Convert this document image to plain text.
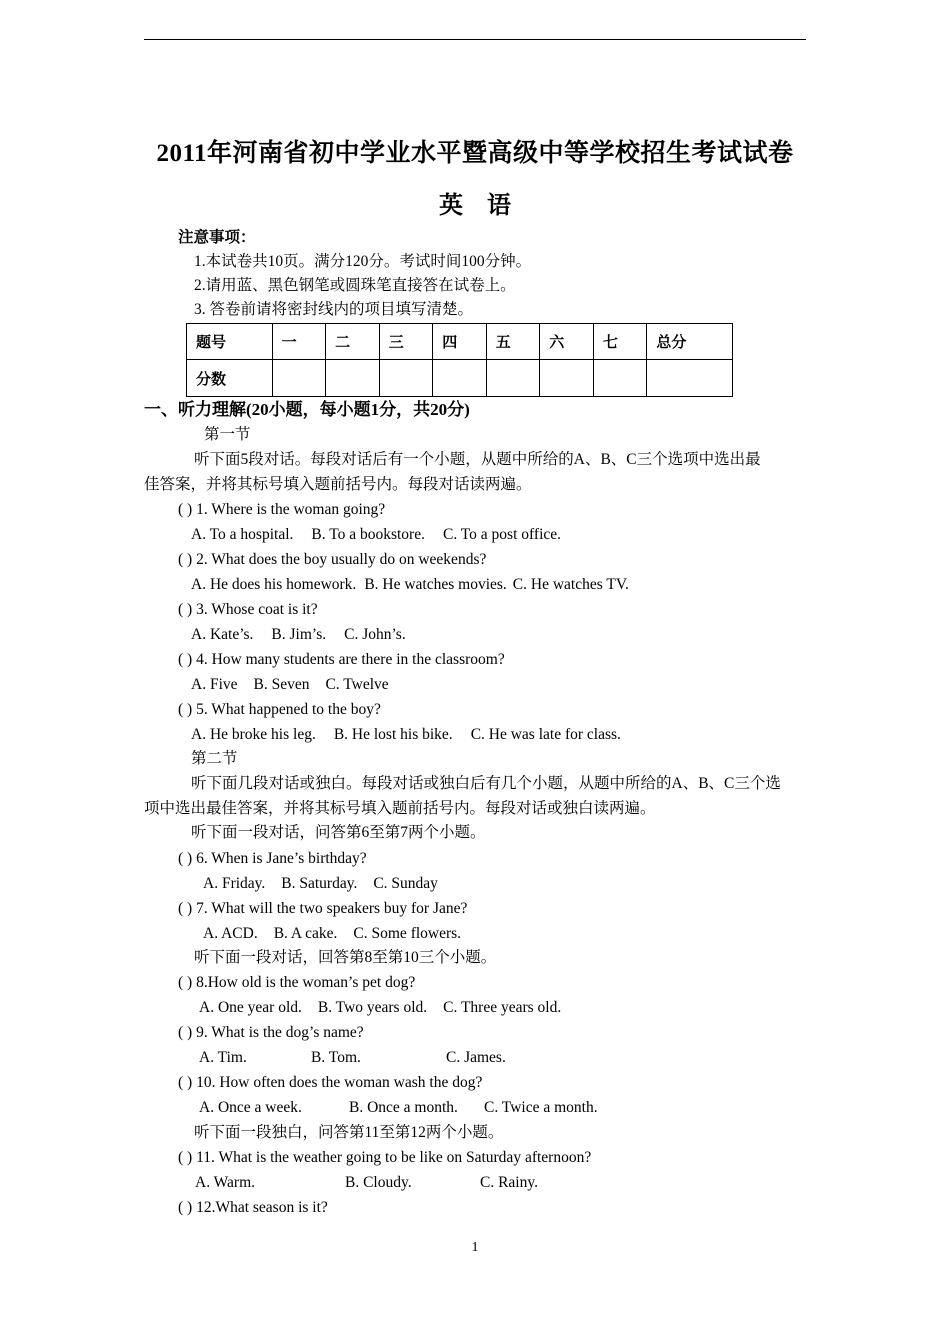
2011年河南省初中学业水平暨高级中等学校招生考试试卷
英　语
注意事项：
1.本试卷共10页。满分120分。考试时间100分钟。
2.请用蓝、黑色钢笔或圆珠笔直接答在试卷上。
3. 答卷前请将密封线内的项目填写清楚。
题号	一	二	三	四	五	六	七	总分
分数								
一、听力理解(20小题，每小题1分，共20分)
第一节
听下面5段对话。每段对话后有一个小题，从题中所给的A、B、C三个选项中选出最
佳答案，并将其标号填入题前括号内。每段对话读两遍。
( ) 1. Where is the woman going?
A. To a hospital. B. To a bookstore. C. To a post office.
( ) 2. What does the boy usually do on weekends?
A. He does his homework. B. He watches movies. C. He watches TV.
( ) 3. Whose coat is it?
A. Kate’s. B. Jim’s. C. John’s.
( ) 4. How many students are there in the classroom?
A. Five B. Seven C. Twelve
( ) 5. What happened to the boy?
A. He broke his leg. B. He lost his bike. C. He was late for class.
第二节
听下面几段对话或独白。每段对话或独白后有几个小题，从题中所给的A、B、C三个选
项中选出最佳答案，并将其标号填入题前括号内。每段对话或独白读两遍。
听下面一段对话，问答第6至第7两个小题。
( ) 6. When is Jane’s birthday?
A. Friday. B. Saturday. C. Sunday
( ) 7. What will the two speakers buy for Jane?
A. ACD. B. A cake. C. Some flowers.
听下面一段对话，回答第8至第10三个小题。
( ) 8.How old is the woman’s pet dog?
A. One year old. B. Two years old. C. Three years old.
( ) 9. What is the dog’s name?
A. Tim.	B. Tom.	C. James.
( ) 10. How often does the woman wash the dog?
A. Once a week.	B. Once a month. C. Twice a month.
听下面一段独白，问答第11至第12两个小题。
( ) 11. What is the weather going to be like on Saturday afternoon?
A. Warm.	B. Cloudy.	C. Rainy.
( ) 12.What season is it?
1
